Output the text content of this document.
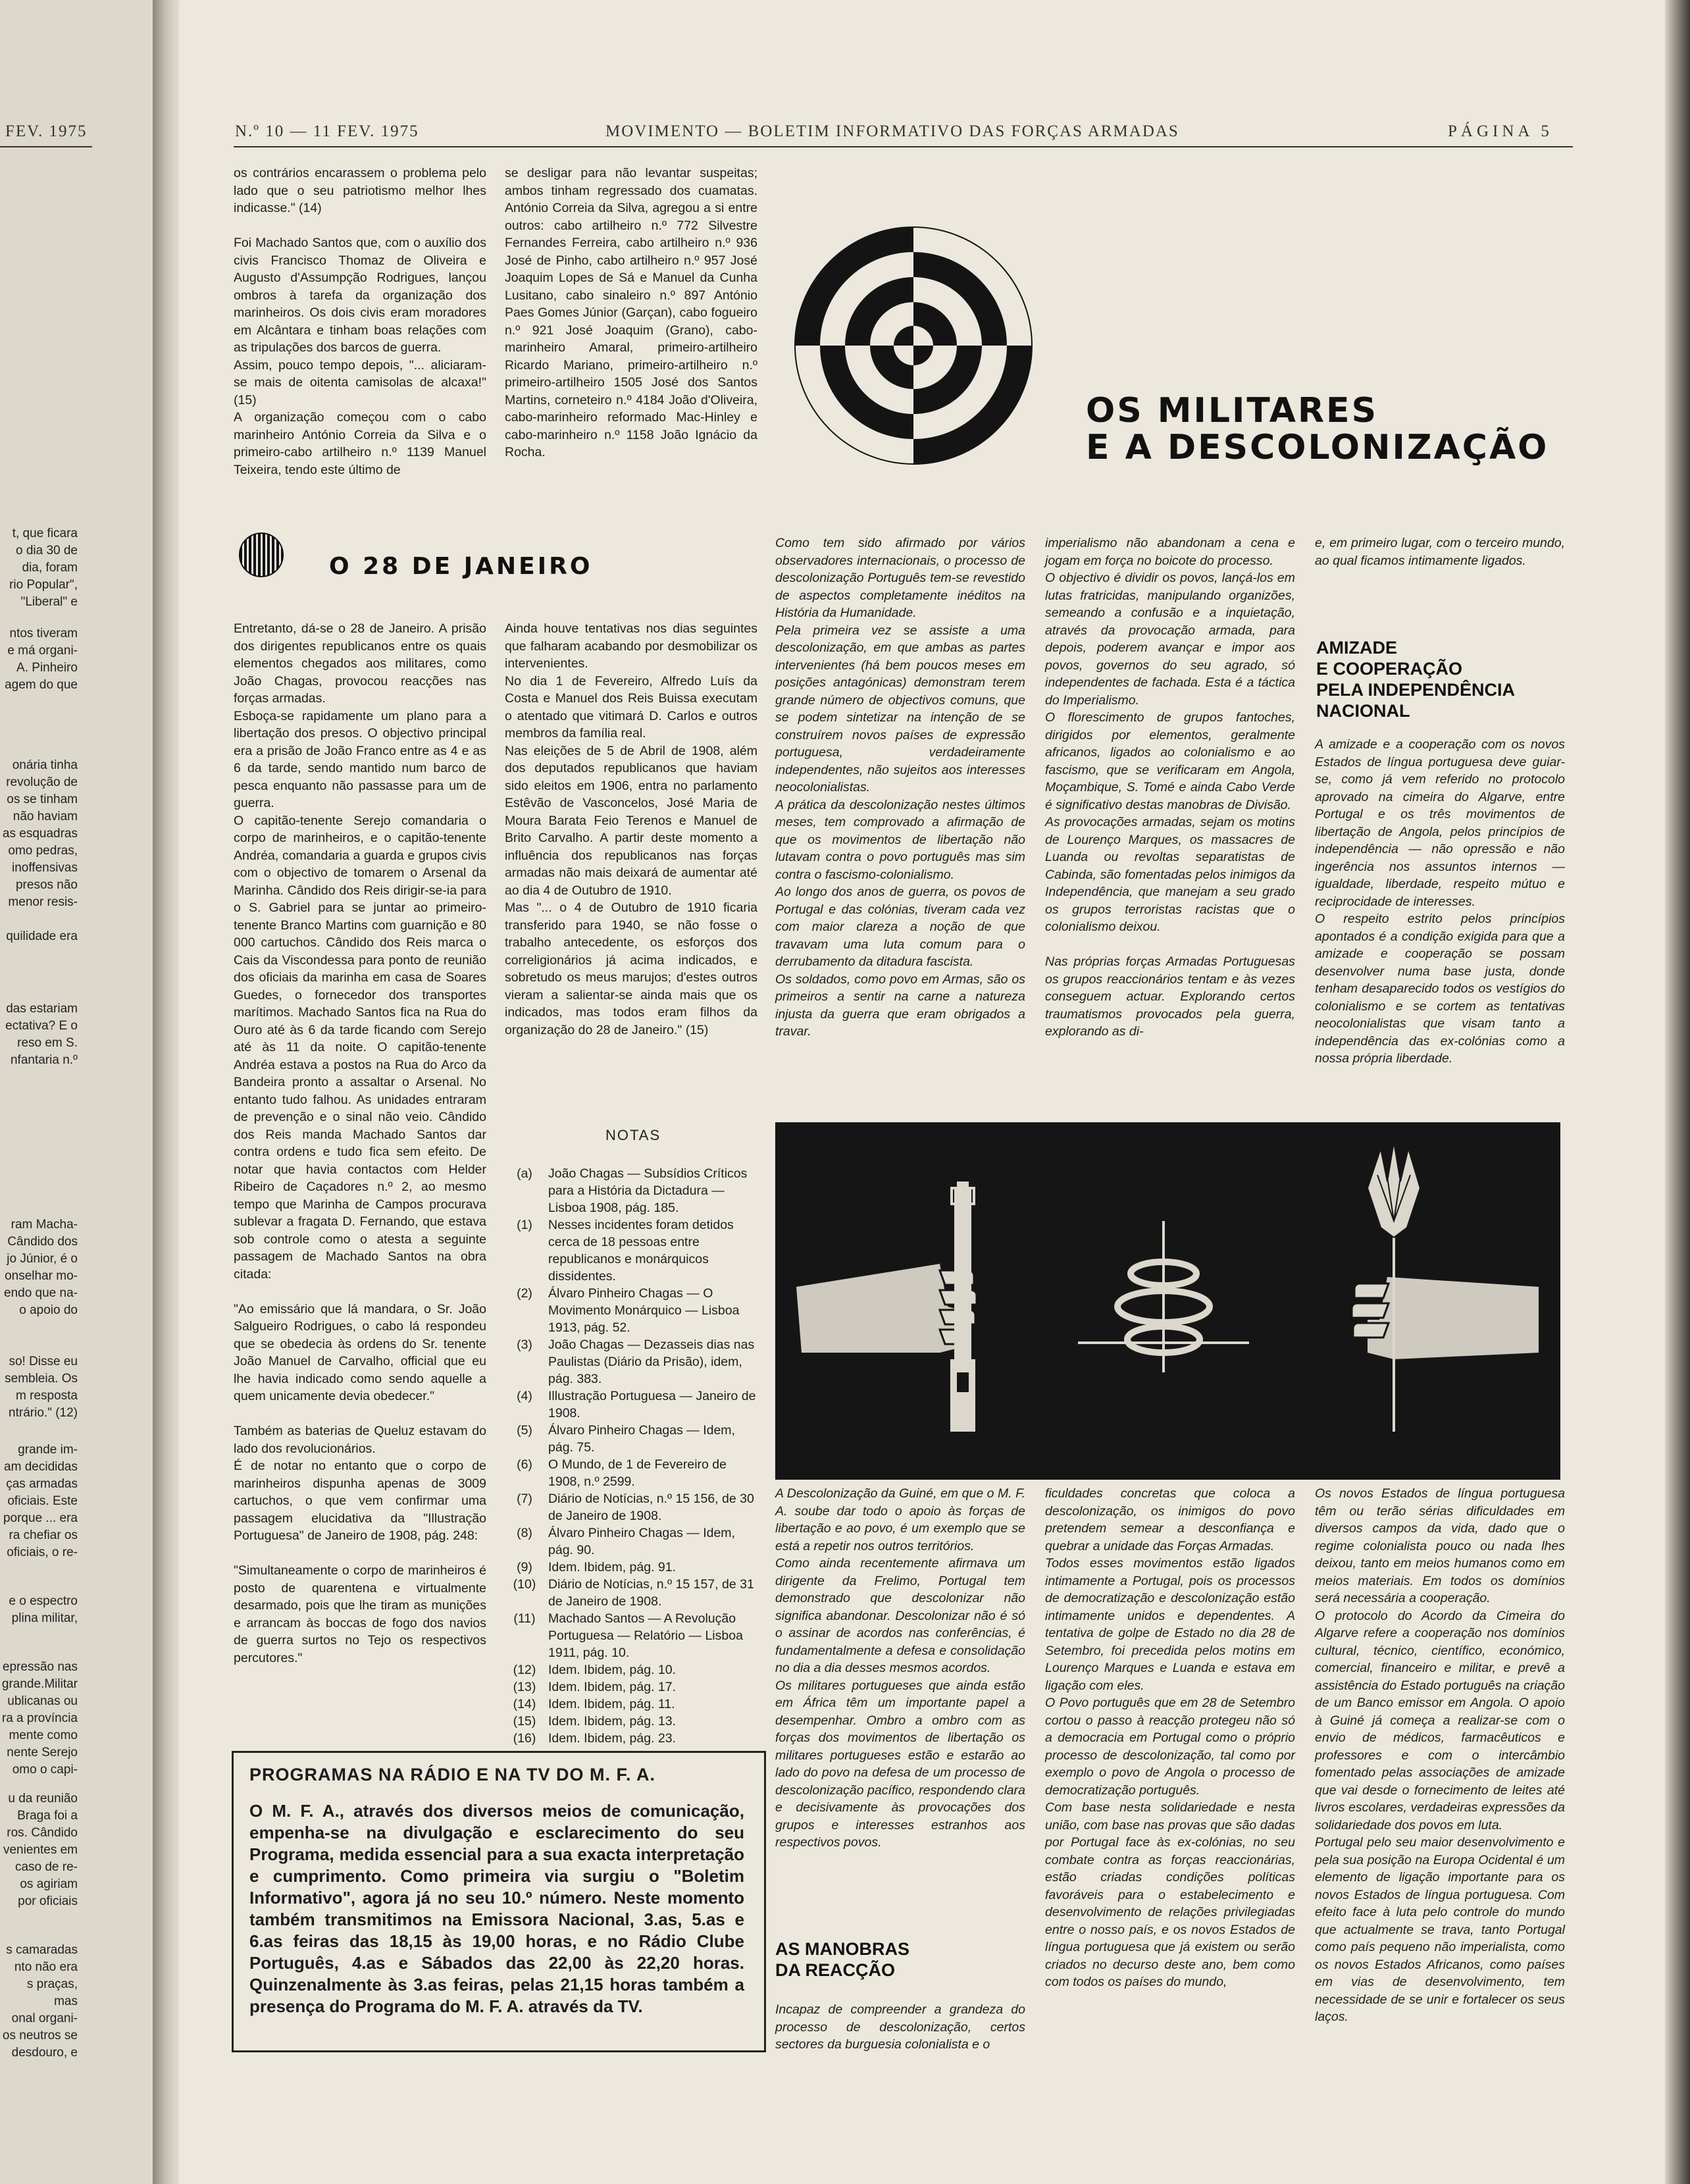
FEV. 1975
t, que ficara
o dia 30 de
dia, foram
rio Popular",
"Liberal" e
ntos tiveram
e má organi-
A. Pinheiro
agem do que
onária tinha
revolução de
os se tinham
não haviam
as esquadras
omo pedras,
inoffensivas
presos não
menor resis-
quilidade era
das estariam
ectativa? E o
reso em S.
nfantaria n.º
ram Macha-
Cândido dos
jo Júnior, é o
onselhar mo-
endo que na-
o apoio do
so! Disse eu
sembleia. Os
m resposta
ntrário." (12)
grande im-
am decididas
ças armadas
oficiais. Este
porque ... era
ra chefiar os
oficiais, o re-
e o espectro
plina militar,
epressão nas
grande.Militar
ublicanas ou
ra a província
mente como
nente Serejo
omo o capi-
u da reunião
Braga foi a
ros. Cândido
venientes em
caso de re-
os agiriam
por oficiais
s camaradas
nto não era
s praças, mas
onal organi-
os neutros se
desdouro, e
N.º 10 — 11 FEV. 1975	MOVIMENTO — BOLETIM INFORMATIVO DAS FORÇAS ARMADAS	PÁGINA 5
os contrários encarassem o problema pelo lado que o seu patriotismo melhor lhes indicasse." (14)

Foi Machado Santos que, com o auxílio dos civis Francisco Thomaz de Oliveira e Augusto d'Assumpção Rodrigues, lançou ombros à tarefa da organização dos marinheiros. Os dois civis eram moradores em Alcântara e tinham boas relações com as tripulações dos barcos de guerra.
Assim, pouco tempo depois, "... aliciaram-se mais de oitenta camisolas de alcaxa!" (15)
A organização começou com o cabo marinheiro António Correia da Silva e o primeiro-cabo artilheiro n.º 1139 Manuel Teixeira, tendo este último de
se desligar para não levantar suspeitas; ambos tinham regressado dos cuamatas. António Correia da Silva, agregou a si entre outros: cabo artilheiro n.º 772 Silvestre Fernandes Ferreira, cabo artilheiro n.º 936 José de Pinho, cabo artilheiro n.º 957 José Joaquim Lopes de Sá e Manuel da Cunha Lusitano, cabo sinaleiro n.º 897 António Paes Gomes Júnior (Garçan), cabo fogueiro n.º 921 José Joaquim (Grano), cabo-marinheiro Amaral, primeiro-artilheiro Ricardo Mariano, primeiro-artilheiro n.º primeiro-artilheiro 1505 José dos Santos Martins, corneteiro n.º 4184 João d'Oliveira, cabo-marinheiro reformado Mac-Hinley e cabo-marinheiro n.º 1158 João Ignácio da Rocha.
O 28 DE JANEIRO
Entretanto, dá-se o 28 de Janeiro. A prisão dos dirigentes republicanos entre os quais elementos chegados aos militares, como João Chagas, provocou reacções nas forças armadas.
Esboça-se rapidamente um plano para a libertação dos presos. O objectivo principal era a prisão de João Franco entre as 4 e as 6 da tarde, sendo mantido num barco de pesca enquanto não passasse para um de guerra.
O capitão-tenente Serejo comandaria o corpo de marinheiros, e o capitão-tenente Andréa, comandaria a guarda e grupos civis com o objectivo de tomarem o Arsenal da Marinha. Cândido dos Reis dirigir-se-ia para o S. Gabriel para se juntar ao primeiro-tenente Branco Martins com guarnição e 80 000 cartuchos. Cândido dos Reis marca o Cais da Viscondessa para ponto de reunião dos oficiais da marinha em casa de Soares Guedes, o fornecedor dos transportes marítimos. Machado Santos fica na Rua do Ouro até às 6 da tarde ficando com Serejo até às 11 da noite. O capitão-tenente Andréa estava a postos na Rua do Arco da Bandeira pronto a assaltar o Arsenal. No entanto tudo falhou. As unidades entraram de prevenção e o sinal não veio. Cândido dos Reis manda Machado Santos dar contra ordens e tudo fica sem efeito. De notar que havia contactos com Helder Ribeiro de Caçadores n.º 2, ao mesmo tempo que Marinha de Campos procurava sublevar a fragata D. Fernando, que estava sob controle como o atesta a seguinte passagem de Machado Santos na obra citada:

"Ao emissário que lá mandara, o Sr. João Salgueiro Rodrigues, o cabo lá respondeu que se obedecia às ordens do Sr. tenente João Manuel de Carvalho, official que eu lhe havia indicado como sendo aquelle a quem unicamente devia obedecer."

Também as baterias de Queluz estavam do lado dos revolucionários.
É de notar no entanto que o corpo de marinheiros dispunha apenas de 3009 cartuchos, o que vem confirmar uma passagem elucidativa da "Illustração Portuguesa" de Janeiro de 1908, pág. 248:

"Simultaneamente o corpo de marinheiros é posto de quarentena e virtualmente desarmado, pois que lhe tiram as munições e arrancam às boccas de fogo dos navios de guerra surtos no Tejo os respectivos percutores."
Ainda houve tentativas nos dias seguintes que falharam acabando por desmobilizar os intervenientes.
No dia 1 de Fevereiro, Alfredo Luís da Costa e Manuel dos Reis Buissa executam o atentado que vitimará D. Carlos e outros membros da família real.
Nas eleições de 5 de Abril de 1908, além dos deputados republicanos que haviam sido eleitos em 1906, entra no parlamento Estêvão de Vasconcelos, José Maria de Moura Barata Feio Terenos e Manuel de Brito Carvalho. A partir deste momento a influência dos republicanos nas forças armadas não mais deixará de aumentar até ao dia 4 de Outubro de 1910.
Mas "... o 4 de Outubro de 1910 ficaria transferido para 1940, se não fosse o trabalho antecedente, os esforços dos correligionários já acima indicados, e sobretudo os meus marujos; d'estes outros vieram a salientar-se ainda mais que os indicados, mas todos eram filhos da organização do 28 de Janeiro." (15)
NOTAS
(a)	João Chagas — Subsídios Críticos para a História da Dictadura — Lisboa 1908, pág. 185.
(1)	Nesses incidentes foram detidos cerca de 18 pessoas entre republicanos e monárquicos dissidentes.
(2)	Álvaro Pinheiro Chagas — O Movimento Monárquico — Lisboa 1913, pág. 52.
(3)	João Chagas — Dezasseis dias nas Paulistas (Diário da Prisão), idem, pág. 383.
(4)	Illustração Portuguesa — Janeiro de 1908.
(5)	Álvaro Pinheiro Chagas — Idem, pág. 75.
(6)	O Mundo, de 1 de Fevereiro de 1908, n.º 2599.
(7)	Diário de Notícias, n.º 15 156, de 30 de Janeiro de 1908.
(8)	Álvaro Pinheiro Chagas — Idem, pág. 90.
(9)	Idem. Ibidem, pág. 91.
(10) Diário de Notícias, n.º 15 157, de 31 de Janeiro de 1908.
(11) Machado Santos — A Revolução Portuguesa — Relatório — Lisboa 1911, pág. 10.
(12) Idem. Ibidem, pág. 10.
(13) Idem. Ibidem, pág. 17.
(14) Idem. Ibidem, pág. 11.
(15) Idem. Ibidem, pág. 13.
(16) Idem. Ibidem, pág. 23.
PROGRAMAS NA RÁDIO E NA TV DO M. F. A.
O M. F. A., através dos diversos meios de comunicação, empenha-se na divulgação e esclarecimento do seu Programa, medida essencial para a sua exacta interpretação e cumprimento. Como primeira via surgiu o "Boletim Informativo", agora já no seu 10.º número. Neste momento também transmitimos na Emissora Nacional, 3.as, 5.as e 6.as feiras das 18,15 às 19,00 horas, e no Rádio Clube Português, 4.as e Sábados das 22,00 às 22,20 horas. Quinzenalmente às 3.as feiras, pelas 21,15 horas também a presença do Programa do M. F. A. através da TV.
OS MILITARES
E A DESCOLONIZAÇÃO
Como tem sido afirmado por vários observadores internacionais, o processo de descolonização Português tem-se revestido de aspectos completamente inéditos na História da Humanidade.
Pela primeira vez se assiste a uma descolonização, em que ambas as partes intervenientes (há bem poucos meses em posições antagónicas) demonstram terem grande número de objectivos comuns, que se podem sintetizar na intenção de se construírem novos países de expressão portuguesa, verdadeiramente independentes, não sujeitos aos interesses neocolonialistas.
A prática da descolonização nestes últimos meses, tem comprovado a afirmação de que os movimentos de libertação não lutavam contra o povo português mas sim contra o fascismo-colonialismo.
Ao longo dos anos de guerra, os povos de Portugal e das colónias, tiveram cada vez com maior clareza a noção de que travavam uma luta comum para o derrubamento da ditadura fascista.
Os soldados, como povo em Armas, são os primeiros a sentir na carne a natureza injusta da guerra que eram obrigados a travar.
imperialismo não abandonam a cena e jogam em força no boicote do processo.
O objectivo é dividir os povos, lançá-los em lutas fratricidas, manipulando organizões, semeando a confusão e a inquietação, através da provocação armada, para depois, poderem avançar e impor aos povos, governos do seu agrado, só independentes de fachada. Esta é a táctica do Imperialismo.
O florescimento de grupos fantoches, dirigidos por elementos, geralmente africanos, ligados ao colonialismo e ao fascismo, que se verificaram em Angola, Moçambique, S. Tomé e ainda Cabo Verde é significativo destas manobras de Divisão.
As provocações armadas, sejam os motins de Lourenço Marques, os massacres de Luanda ou revoltas separatistas de Cabinda, são fomentadas pelos inimigos da Independência, que manejam a seu grado os grupos terroristas racistas que o colonialismo deixou.

Nas próprias forças Armadas Portuguesas os grupos reaccionários tentam e às vezes conseguem actuar. Explorando certos traumatismos provocados pela guerra, explorando as di-
e, em primeiro lugar, com o terceiro mundo, ao qual ficamos intimamente ligados.
AMIZADE
E COOPERAÇÃO
PELA INDEPENDÊNCIA
NACIONAL
A amizade e a cooperação com os novos Estados de língua portuguesa deve guiar-se, como já vem referido no protocolo aprovado na cimeira do Algarve, entre Portugal e os três movimentos de libertação de Angola, pelos princípios de independência — não opressão e não ingerência nos assuntos internos — igualdade, liberdade, respeito mútuo e reciprocidade de interesses.
O respeito estrito pelos princípios apontados é a condição exigida para que a amizade e cooperação se possam desenvolver numa base justa, donde tenham desaparecido todos os vestígios do colonialismo e se cortem as tentativas neocolonialistas que visam tanto a independência das ex-colónias como a nossa própria liberdade.
A Descolonização da Guiné, em que o M. F. A. soube dar todo o apoio às forças de libertação e ao povo, é um exemplo que se está a repetir nos outros territórios.
Como ainda recentemente afirmava um dirigente da Frelimo, Portugal tem demonstrado que descolonizar não significa abandonar. Descolonizar não é só o assinar de acordos nas conferências, é fundamentalmente a defesa e consolidação no dia a dia desses mesmos acordos.
Os militares portugueses que ainda estão em África têm um importante papel a desempenhar. Ombro a ombro com as forças dos movimentos de libertação os militares portugueses estão e estarão ao lado do povo na defesa de um processo de descolonização pacífico, respondendo clara e decisivamente às provocações dos grupos e interesses estranhos aos respectivos povos.
AS MANOBRAS
DA REACÇÃO
Incapaz de compreender a grandeza do processo de descolonização, certos sectores da burguesia colonialista e o
ficuldades concretas que coloca a descolonização, os inimigos do povo pretendem semear a desconfiança e quebrar a unidade das Forças Armadas.
Todos esses movimentos estão ligados intimamente a Portugal, pois os processos de democratização e descolonização estão intimamente unidos e dependentes. A tentativa de golpe de Estado no dia 28 de Setembro, foi precedida pelos motins em Lourenço Marques e Luanda e estava em ligação com eles.
O Povo português que em 28 de Setembro cortou o passo à reacção protegeu não só a democracia em Portugal como o próprio processo de descolonização, tal como por exemplo o povo de Angola o processo de democratização português.
Com base nesta solidariedade e nesta união, com base nas provas que são dadas por Portugal face às ex-colónias, no seu combate contra as forças reaccionárias, estão criadas condições políticas favoráveis para o estabelecimento e desenvolvimento de relações privilegiadas entre o nosso país, e os novos Estados de língua portuguesa que já existem ou serão criados no decurso deste ano, bem como com todos os países do mundo,
Os novos Estados de língua portuguesa têm ou terão sérias dificuldades em diversos campos da vida, dado que o regime colonialista pouco ou nada lhes deixou, tanto em meios humanos como em meios materiais. Em todos os domínios será necessária a cooperação.
O protocolo do Acordo da Cimeira do Algarve refere a cooperação nos domínios cultural, técnico, científico, económico, comercial, financeiro e militar, e prevê a assistência do Estado português na criação de um Banco emissor em Angola. O apoio à Guiné já começa a realizar-se com o envio de médicos, farmacêuticos e professores e com o intercâmbio fomentado pelas associações de amizade que vai desde o fornecimento de leites até livros escolares, verdadeiras expressões da solidariedade dos povos em luta.
Portugal pelo seu maior desenvolvimento e pela sua posição na Europa Ocidental é um elemento de ligação importante para os novos Estados de língua portuguesa. Com efeito face à luta pelo controle do mundo que actualmente se trava, tanto Portugal como país pequeno não imperialista, como os novos Estados Africanos, como países em vias de desenvolvimento, tem necessidade de se unir e fortalecer os seus laços.
